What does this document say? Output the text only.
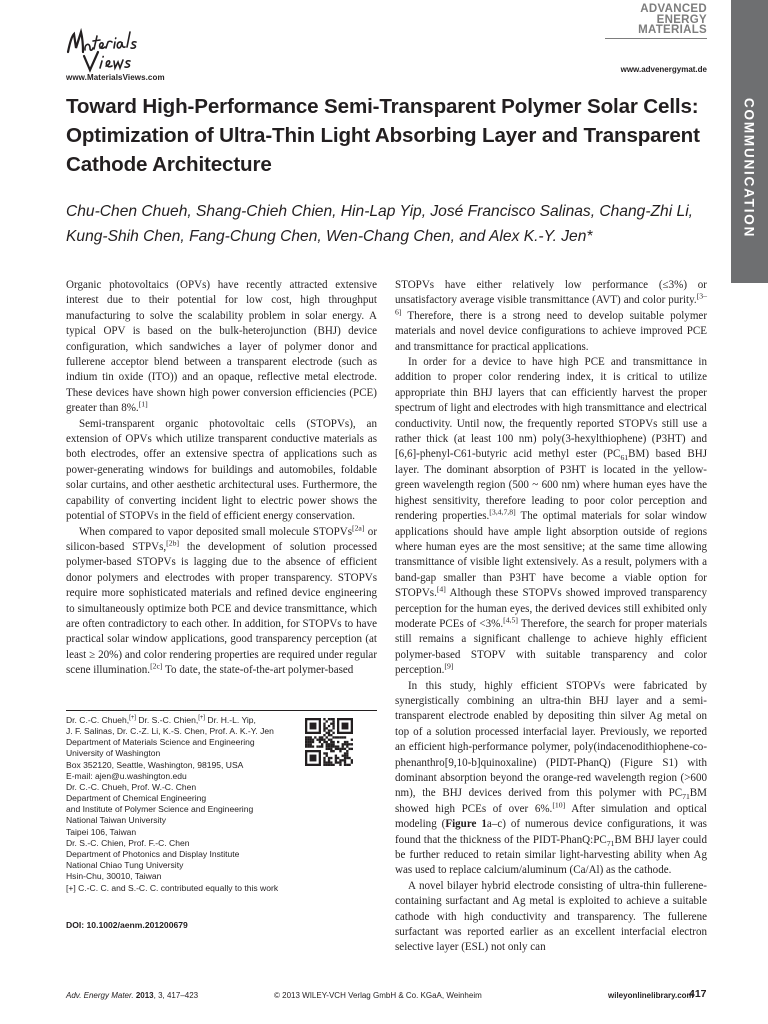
www.MaterialsViews.com
ADVANCED
ENERGY
MATERIALS
www.advenergymat.de
COMMUNICATION
Toward High-Performance Semi-Transparent Polymer Solar Cells: Optimization of Ultra-Thin Light Absorbing Layer and Transparent Cathode Architecture
Chu-Chen Chueh, Shang-Chieh Chien, Hin-Lap Yip, José Francisco Salinas, Chang-Zhi Li, Kung-Shih Chen, Fang-Chung Chen, Wen-Chang Chen, and Alex K.-Y. Jen*

Organic photovoltaics (OPVs) have recently attracted extensive interest due to their potential for low cost, high throughput manufacturing to solve the scalability problem in solar energy. A typical OPV is based on the bulk-heterojunction (BHJ) device configuration, which sandwiches a layer of polymer donor and fullerene acceptor blend between a transparent electrode (such as indium tin oxide (ITO)) and an opaque, reflective metal electrode. These devices have shown high power conversion efficiencies (PCE) greater than 8%.[1]

Semi-transparent organic photovoltaic cells (STOPVs), an extension of OPVs which utilize transparent conductive materials as both electrodes, offer an extensive spectra of applications such as power-generating windows for buildings and automobiles, foldable solar curtains, and other aesthetic architectural uses. Furthermore, the capability of converting incident light to electric power shows the potential of STOPVs in the field of efficient energy conservation.

When compared to vapor deposited small molecule STOPVs[2a] or silicon-based STPVs,[2b] the development of solution processed polymer-based STOPVs is lagging due to the absence of efficient donor polymers and electrodes with proper transparency. STOPVs require more sophisticated materials and refined device engineering to simultaneously optimize both PCE and device transmittance, which are often contradictory to each other. In addition, for STOPVs to have practical solar window applications, good transparency perception (at least ≥ 20%) and color rendering properties are required under regular scene illumination.[2c] To date, the state-of-the-art polymer-based

STOPVs have either relatively low performance (≤3%) or unsatisfactory average visible transmittance (AVT) and color purity.[3–6] Therefore, there is a strong need to develop suitable polymer materials and novel device configurations to achieve improved PCE and transmittance for practical applications.

In order for a device to have high PCE and transmittance in addition to proper color rendering index, it is critical to utilize appropriate thin BHJ layers that can efficiently harvest the proper spectrum of light and electrodes with high transmittance and electrical conductivity. Until now, the frequently reported STOPVs still use a rather thick (at least 100 nm) poly(3-hexylthiophene) (P3HT) and [6,6]-phenyl-C61-butyric acid methyl ester $(PC_{61}BM)$ based BHJ layer. The dominant absorption of P3HT is located in the yellow-green wavelength region (500 ~ 600 nm) where human eyes have the highest sensitivity, therefore leading to poor color perception and rendering properties.[3,4,7,8] The optimal materials for solar window applications should have ample light absorption outside of regions where human eyes are the most sensitive; at the same time allowing transmittance of visible light extensively. As a result, polymers with a band-gap smaller than P3HT have become a viable option for STOPVs.[4] Although these STOPVs showed improved transparency perception for the human eyes, the derived devices still exhibited only moderate PCEs of <3%.[4,5] Therefore, the search for proper materials still remains a significant challenge to achieve highly efficient polymer-based STOPV with suitable transparency and color perception.[9]

In this study, highly efficient STOPVs were fabricated by synergistically combining an ultra-thin BHJ layer and a semi-transparent electrode enabled by depositing thin silver Ag metal on top of a solution processed interfacial layer. Previously, we reported an efficient high-performance polymer, poly(indacenodithiophene-co-phenanthro[9,10-b]quinoxaline) (PIDT-PhanQ) (Figure S1) with dominant absorption beyond the orange-red wavelength region (>600 nm), the BHJ devices derived from this polymer with $PC_{71}BM$ showed high PCEs of over 6%.[10] After simulation and optical modeling (Figure 1a–c) of numerous device configurations, it was found that the thickness of the PIDT-$PhanQ:PC_{71}BM$ BHJ layer could be further reduced to retain similar light-harvesting ability when Ag was used to replace calcium/aluminum (Ca/Al) as the cathode.

A novel bilayer hybrid electrode consisting of ultra-thin fullerene-containing surfactant and Ag metal is exploited to achieve a suitable cathode with high conductivity and transparency. The fullerene surfactant was reported earlier as an excellent interfacial electron selective layer (ESL) not only can

Dr. C.-C. Chueh,[+] Dr. S.-C. Chien,[+] Dr. H.-L. Yip,
J. F. Salinas, Dr. C.-Z. Li, K.-S. Chen, Prof. A. K.-Y. Jen
Department of Materials Science and Engineering
University of Washington
Box 352120, Seattle, Washington, 98195, USA
E-mail: ajen@u.washington.edu
Dr. C.-C. Chueh, Prof. W.-C. Chen
Department of Chemical Engineering
and Institute of Polymer Science and Engineering
National Taiwan University
Taipei 106, Taiwan
Dr. S.-C. Chien, Prof. F.-C. Chen
Department of Photonics and Display Institute
National Chiao Tung University
Hsin-Chu, 30010, Taiwan
[+] C.-C. C. and S.-C. C. contributed equally to this work
DOI: 10.1002/aenm.201200679
Adv. Energy Mater. 2013, 3, 417–423	© 2013 WILEY-VCH Verlag GmbH & Co. KGaA, Weinheim	wileyonlinelibrary.com
417
